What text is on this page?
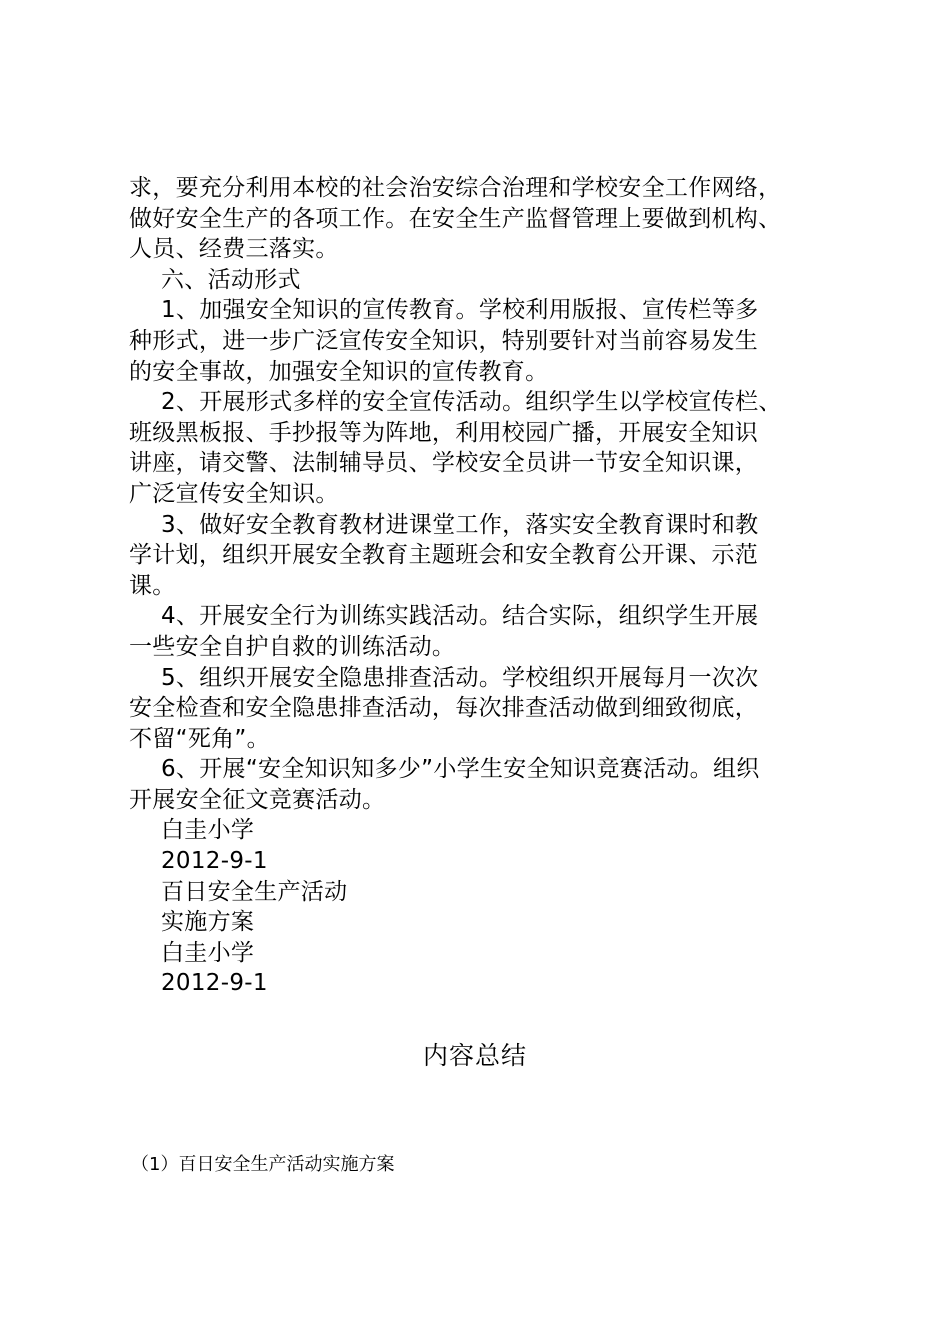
求，要充分利用本校的社会治安综合治理和学校安全工作网络，
做好安全生产的各项工作。在安全生产监督管理上要做到机构、
人员、经费三落实。
六、活动形式
1、加强安全知识的宣传教育。学校利用版报、宣传栏等多
种形式，进一步广泛宣传安全知识，特别要针对当前容易发生
的安全事故，加强安全知识的宣传教育。
2、开展形式多样的安全宣传活动。组织学生以学校宣传栏、
班级黑板报、手抄报等为阵地，利用校园广播，开展安全知识
讲座，请交警、法制辅导员、学校安全员讲一节安全知识课，
广泛宣传安全知识。
3、做好安全教育教材进课堂工作，落实安全教育课时和教
学计划，组织开展安全教育主题班会和安全教育公开课、示范
课。
4、开展安全行为训练实践活动。结合实际，组织学生开展
一些安全自护自救的训练活动。
5、组织开展安全隐患排查活动。学校组织开展每月一次次
安全检查和安全隐患排查活动，每次排查活动做到细致彻底，
不留“死角”。
6、开展“安全知识知多少”小学生安全知识竞赛活动。组织
开展安全征文竞赛活动。
白圭小学
2012-9-1
百日安全生产活动
实施方案
白圭小学
2012-9-1
内容总结
（1）百日安全生产活动实施方案
